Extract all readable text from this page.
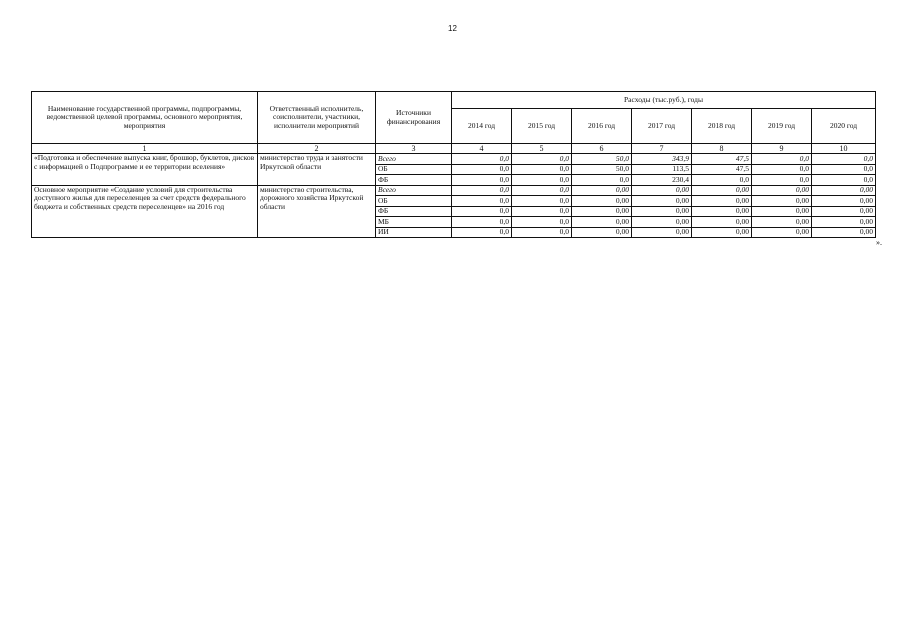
12
Наименование государственной программы, подпрограммы, ведомственной целевой программы, основного мероприятия, мероприятия	Ответственный исполнитель, соисполнители, участники, исполнители мероприятий	Источники финансирования	Расходы (тыс.руб.), годы						
			2014 год	2015 год	2016 год	2017 год	2018 год	2019 год	2020 год
1	2	3	4	5	6	7	8	9	10
«Подготовка и обеспечение выпуска книг, брошюр, буклетов, дисков с информацией о Подпрограмме и ее территории вселения»	министерство труда и занятости Иркутской области	Всего	0,0	0,0	50,0	343,9	47,5	0,0	0,0
		ОБ	0,0	0,0	50,0	113,5	47,5	0,0	0,0
		ФБ	0,0	0,0	0,0	230,4	0,0	0,0	0,0
Основное мероприятие «Создание условий для строительства доступного жилья для переселенцев за счет средств федерального бюджета и собственных средств переселенцев» на 2016 год	министерство строительства, дорожного хозяйства Иркутской области	Всего	0,0	0,0	0,00	0,00	0,00	0,00	0,00
		ОБ	0,0	0,0	0,00	0,00	0,00	0,00	0,00
		ФБ	0,0	0,0	0,00	0,00	0,00	0,00	0,00
		МБ	0,0	0,0	0,00	0,00	0,00	0,00	0,00
		ИИ	0,0	0,0	0,00	0,00	0,00	0,00	0,00
».
